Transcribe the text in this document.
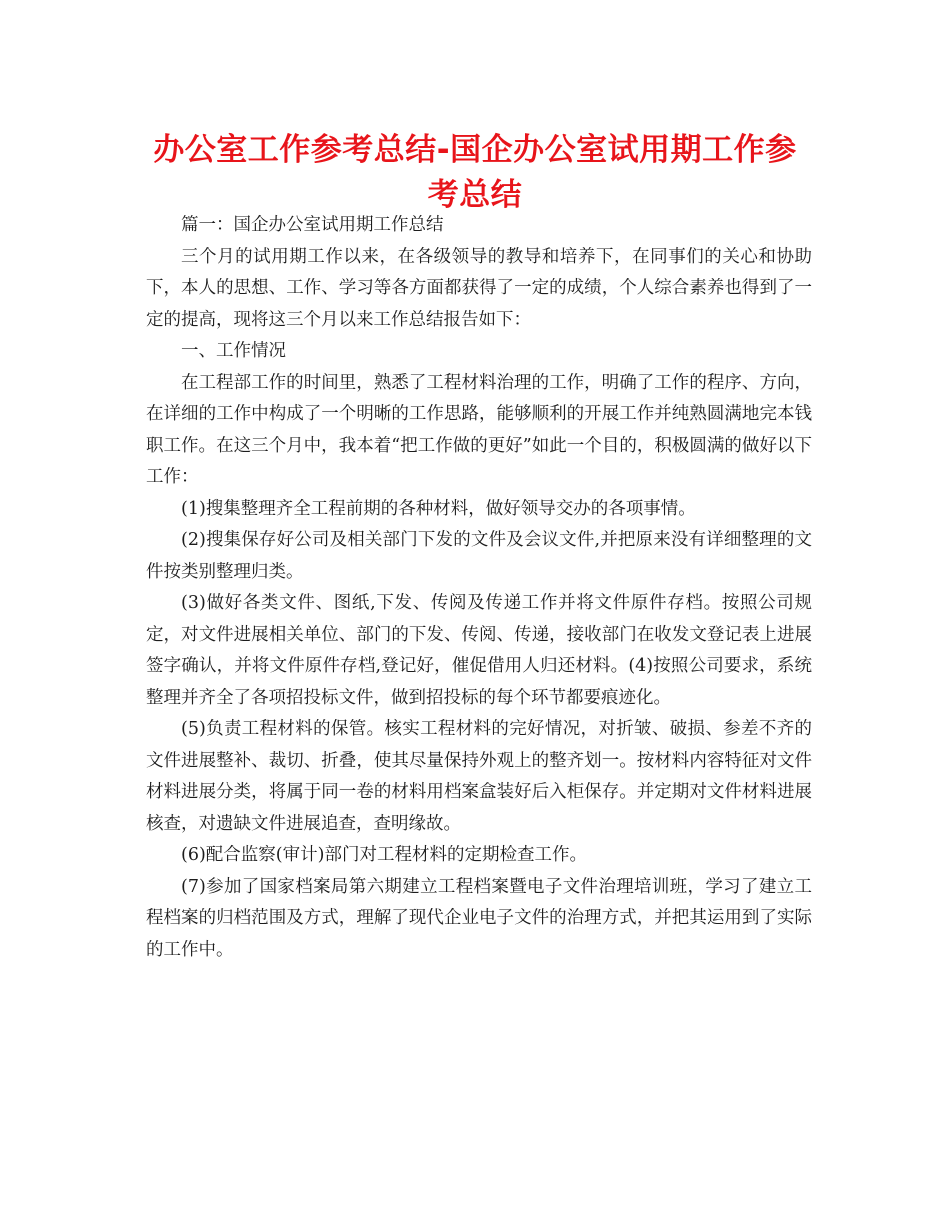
办公室工作参考总结-国企办公室试用期工作参
考总结

篇一：国企办公室试用期工作总结

三个月的试用期工作以来，在各级领导的教导和培养下，在同事们的关心和协助下，本人的思想、工作、学习等各方面都获得了一定的成绩，个人综合素养也得到了一定的提高，现将这三个月以来工作总结报告如下：

一、工作情况

在工程部工作的时间里，熟悉了工程材料治理的工作，明确了工作的程序、方向，在详细的工作中构成了一个明晰的工作思路，能够顺利的开展工作并纯熟圆满地完本钱职工作。在这三个月中，我本着“把工作做的更好”如此一个目的，积极圆满的做好以下工作：

(1)搜集整理齐全工程前期的各种材料，做好领导交办的各项事情。

(2)搜集保存好公司及相关部门下发的文件及会议文件,并把原来没有详细整理的文件按类别整理归类。

(3)做好各类文件、图纸,下发、传阅及传递工作并将文件原件存档。按照公司规定，对文件进展相关单位、部门的下发、传阅、传递，接收部门在收发文登记表上进展签字确认，并将文件原件存档,登记好，催促借用人归还材料。(4)按照公司要求，系统整理并齐全了各项招投标文件，做到招投标的每个环节都要痕迹化。

(5)负责工程材料的保管。核实工程材料的完好情况，对折皱、破损、参差不齐的文件进展整补、裁切、折叠，使其尽量保持外观上的整齐划一。按材料内容特征对文件材料进展分类，将属于同一卷的材料用档案盒装好后入柜保存。并定期对文件材料进展核查，对遗缺文件进展追查，查明缘故。

(6)配合监察(审计)部门对工程材料的定期检查工作。

(7)参加了国家档案局第六期建立工程档案暨电子文件治理培训班，学习了建立工程档案的归档范围及方式，理解了现代企业电子文件的治理方式，并把其运用到了实际的工作中。
